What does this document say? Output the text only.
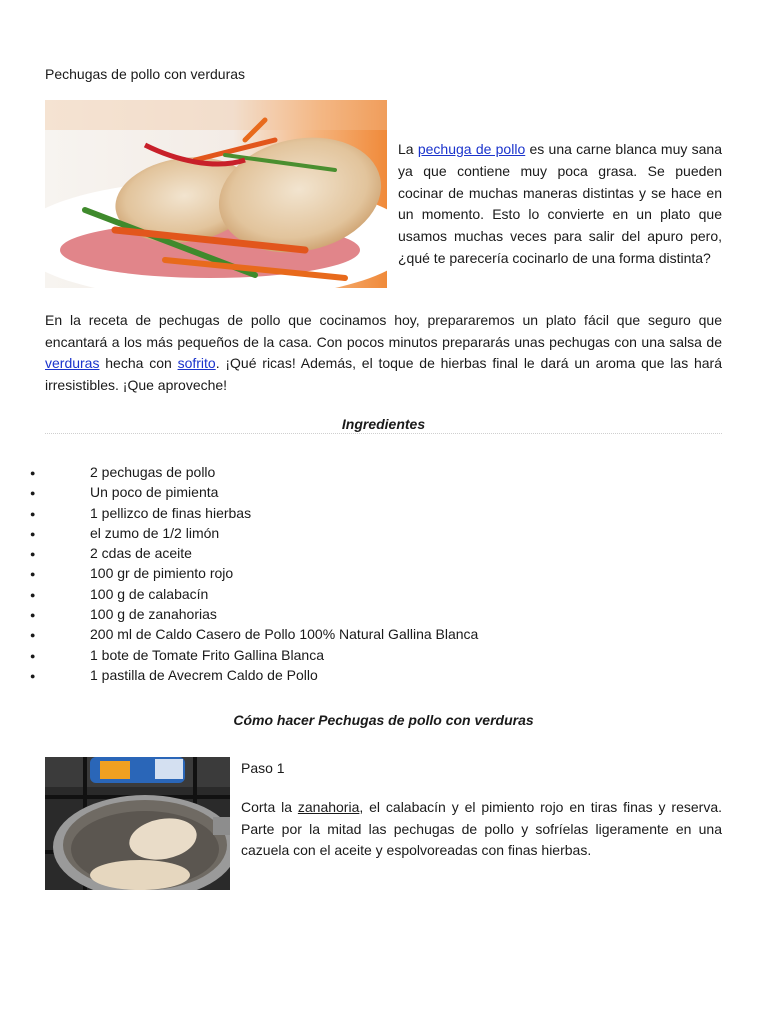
Pechugas de pollo con verduras
La pechuga de pollo es una carne blanca muy sana ya que contiene muy poca grasa. Se pueden cocinar de muchas maneras distintas y se hace en un momento. Esto lo convierte en un plato que usamos muchas veces para salir del apuro pero, ¿qué te parecería cocinarlo de una forma distinta?
En la receta de pechugas de pollo que cocinamos hoy, prepararemos un plato fácil que seguro que encantará a los más pequeños de la casa. Con pocos minutos prepararás unas pechugas con una salsa de verduras hecha con sofrito. ¡Qué ricas! Además, el toque de hierbas final le dará un aroma que las hará irresistibles. ¡Que aproveche!
Ingredientes
●	2 pechugas de pollo
●	Un poco de pimienta
●	1 pellizco de finas hierbas
●	el zumo de 1/2 limón
●	2 cdas de aceite
●	100 gr de pimiento rojo
●	100 g de calabacín
●	100 g de zanahorias
●	200 ml de Caldo Casero de Pollo 100% Natural Gallina Blanca
●	1 bote de Tomate Frito Gallina Blanca
●	1 pastilla de Avecrem Caldo de Pollo
Cómo hacer Pechugas de pollo con verduras
Paso 1
Corta la zanahoria, el calabacín y el pimiento rojo en tiras finas y reserva. Parte por la mitad las pechugas de pollo y sofríelas ligeramente en una cazuela con el aceite y espolvoreadas con finas hierbas.
